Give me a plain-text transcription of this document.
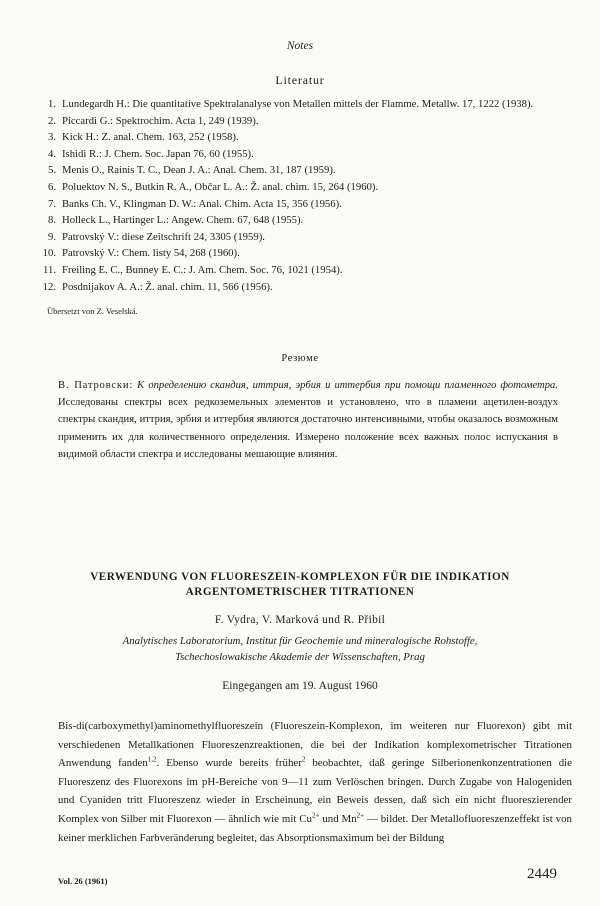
Notes
Literatur
1. Lundegardh H.: Die quantitative Spektralanalyse von Metallen mittels der Flamme. Metallw. 17, 1222 (1938).
2. Piccardi G.: Spektrochim. Acta 1, 249 (1939).
3. Kick H.: Z. anal. Chem. 163, 252 (1958).
4. Ishidi R.: J. Chem. Soc. Japan 76, 60 (1955).
5. Menis O., Rainis T. C., Dean J. A.: Anal. Chem. 31, 187 (1959).
6. Poluektov N. S., Butkin R. A., Občar L. A.: Ž. anal. chim. 15, 264 (1960).
7. Banks Ch. V., Klingman D. W.: Anal. Chim. Acta 15, 356 (1956).
8. Holleck L., Hartinger L.: Angew. Chem. 67, 648 (1955).
9. Patrovský V.: diese Zeitschrift 24, 3305 (1959).
10. Patrovský V.: Chem. listy 54, 268 (1960).
11. Freiling E. C., Bunney E. C.: J. Am. Chem. Soc. 76, 1021 (1954).
12. Posdnijakov A. A.: Ž. anal. chim. 11, 566 (1956).
Übersetzt von Z. Veselská.
Резюме
В. Патровски: К определению скандия, иттрия, эрбия и иттербия при помощи пламенного фотометра. Исследованы спектры всех редкоземельных элементов и установлено, что в пламени ацетилен-воздух спектры скандия, иттрия, эрбия и иттербия являются достаточно интенсивными, чтобы оказалось возможным применить их для количественного определения. Измерено положение всех важных полос испускания в видимой области спектра и исследованы мешающие влияния.
VERWENDUNG VON FLUORESZEIN-KOMPLEXON FÜR DIE INDIKATION
ARGENTOMETRISCHER TITRATIONEN
F. Vydra, V. Marková und R. Přibil
Analytisches Laboratorium, Institut für Geochemie und mineralogische Rohstoffe,
Tschechoslowakische Akademie der Wissenschaften, Prag
Eingegangen am 19. August 1960
Bis-di(carboxymethyl)aminomethylfluoreszein (Fluoreszein-Komplexon, im weiteren nur Fluorexon) gibt mit verschiedenen Metallkationen Fluoreszenzreaktionen, die bei der Indikation komplexometrischer Titrationen Anwendung fanden$^{1,2}$. Ebenso wurde bereits früher$^2$ beobachtet, daß geringe Silberionenkonzentrationen die Fluoreszenz des Fluorexons im pH-Bereiche von 9—11 zum Verlöschen bringen. Durch Zugabe von Halogeniden und Cyaniden tritt Fluoreszenz wieder in Erscheinung, ein Beweis dessen, daß sich ein nicht fluoreszierender Komplex von Silber mit Fluorexon — ähnlich wie mit $Cu^{2+}$ und $Mn^{2+}$ — bildet. Der Metallofluoreszenzeffekt ist von keiner merklichen Farbveränderung begleitet, das Absorptionsmaximum bei der Bildung
Vol. 26 (1961)	2449
